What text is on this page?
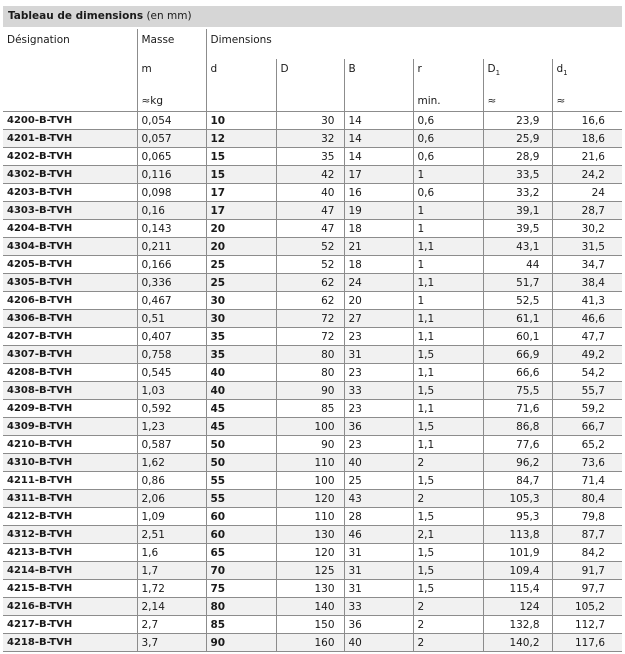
Tableau de dimensions (en mm)
Désignation	Masse	Dimensions					
	m	d	D	B	r	$D_1$	$d_1$
	≈kg				min.	≈	≈
4200-B-TVH	0,054	10	30	14	0,6	23,9	16,6
4201-B-TVH	0,057	12	32	14	0,6	25,9	18,6
4202-B-TVH	0,065	15	35	14	0,6	28,9	21,6
4302-B-TVH	0,116	15	42	17	1	33,5	24,2
4203-B-TVH	0,098	17	40	16	0,6	33,2	24
4303-B-TVH	0,16	17	47	19	1	39,1	28,7
4204-B-TVH	0,143	20	47	18	1	39,5	30,2
4304-B-TVH	0,211	20	52	21	1,1	43,1	31,5
4205-B-TVH	0,166	25	52	18	1	44	34,7
4305-B-TVH	0,336	25	62	24	1,1	51,7	38,4
4206-B-TVH	0,467	30	62	20	1	52,5	41,3
4306-B-TVH	0,51	30	72	27	1,1	61,1	46,6
4207-B-TVH	0,407	35	72	23	1,1	60,1	47,7
4307-B-TVH	0,758	35	80	31	1,5	66,9	49,2
4208-B-TVH	0,545	40	80	23	1,1	66,6	54,2
4308-B-TVH	1,03	40	90	33	1,5	75,5	55,7
4209-B-TVH	0,592	45	85	23	1,1	71,6	59,2
4309-B-TVH	1,23	45	100	36	1,5	86,8	66,7
4210-B-TVH	0,587	50	90	23	1,1	77,6	65,2
4310-B-TVH	1,62	50	110	40	2	96,2	73,6
4211-B-TVH	0,86	55	100	25	1,5	84,7	71,4
4311-B-TVH	2,06	55	120	43	2	105,3	80,4
4212-B-TVH	1,09	60	110	28	1,5	95,3	79,8
4312-B-TVH	2,51	60	130	46	2,1	113,8	87,7
4213-B-TVH	1,6	65	120	31	1,5	101,9	84,2
4214-B-TVH	1,7	70	125	31	1,5	109,4	91,7
4215-B-TVH	1,72	75	130	31	1,5	115,4	97,7
4216-B-TVH	2,14	80	140	33	2	124	105,2
4217-B-TVH	2,7	85	150	36	2	132,8	112,7
4218-B-TVH	3,7	90	160	40	2	140,2	117,6
